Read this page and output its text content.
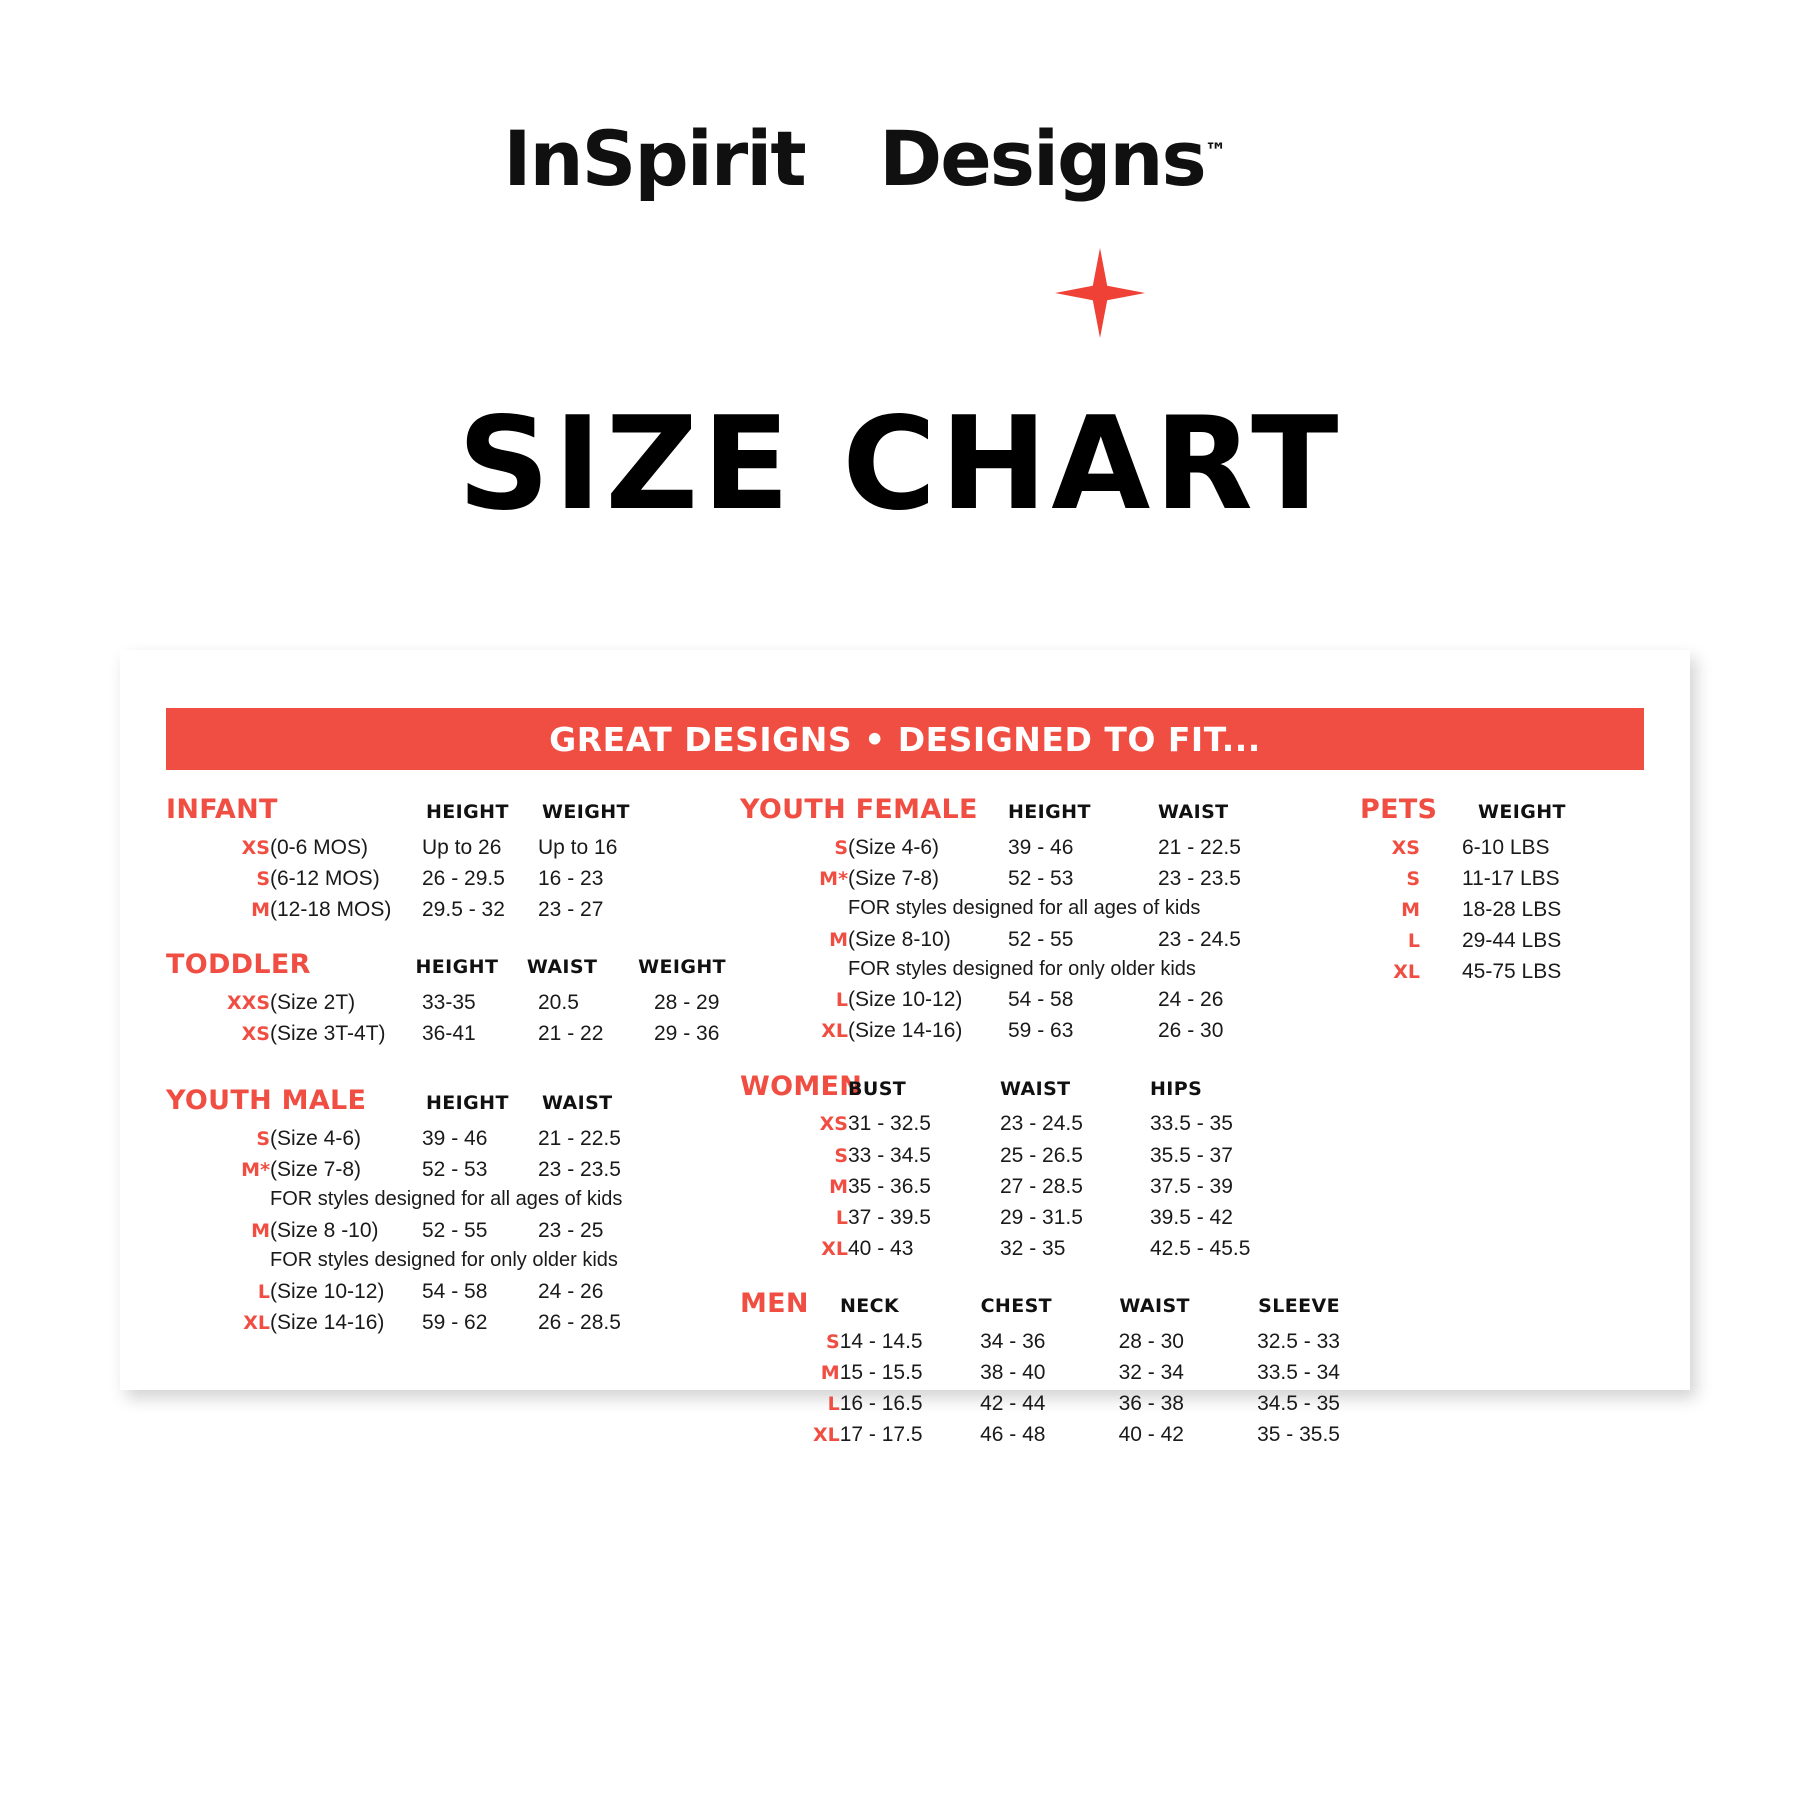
InSpirit Designs™
SIZE CHART
GREAT DESIGNS • DESIGNED TO FIT...
INFANT	HEIGHT	WEIGHT
XS (0-6 MOS)	Up to 26	Up to 16
S (6-12 MOS)	26 - 29.5	16 - 23
M (12-18 MOS)	29.5 - 32	23 - 27
TODDLER	HEIGHT	WAIST	WEIGHT
XXS (Size 2T)	33-35	20.5	28 - 29
XS (Size 3T-4T)	36-41	21 - 22	29 - 36
YOUTH MALE	HEIGHT	WAIST
S (Size 4-6)	39 - 46	21 - 22.5
M* (Size 7-8)	52 - 53	23 - 23.5
FOR styles designed for all ages of kids
M (Size 8 -10)	52 - 55	23 - 25
FOR styles designed for only older kids
L (Size 10-12)	54 - 58	24 - 26
XL (Size 14-16)	59 - 62	26 - 28.5
YOUTH FEMALE	HEIGHT	WAIST
S (Size 4-6)	39 - 46	21 - 22.5
M* (Size 7-8)	52 - 53	23 - 23.5
FOR styles designed for all ages of kids
M (Size 8-10)	52 - 55	23 - 24.5
FOR styles designed for only older kids
L (Size 10-12)	54 - 58	24 - 26
XL (Size 14-16)	59 - 63	26 - 30
WOMEN
BUST	WAIST	HIPS
XS 31 - 32.5	23 - 24.5	33.5 - 35
S 33 - 34.5	25 - 26.5	35.5 - 37
M 35 - 36.5	27 - 28.5	37.5 - 39
L 37 - 39.5	29 - 31.5	39.5 - 42
XL 40 - 43	32 - 35	42.5 - 45.5
MEN	NECK	CHEST	WAIST	SLEEVE
S 14 - 14.5	34 - 36	28 - 30	32.5 - 33
M 15 - 15.5	38 - 40	32 - 34	33.5 - 34
L 16 - 16.5	42 - 44	36 - 38	34.5 - 35
XL 17 - 17.5	46 - 48	40 - 42	35 - 35.5
PETS	WEIGHT
XS	6-10 LBS
S	11-17 LBS
M	18-28 LBS
L	29-44 LBS
XL	45-75 LBS
